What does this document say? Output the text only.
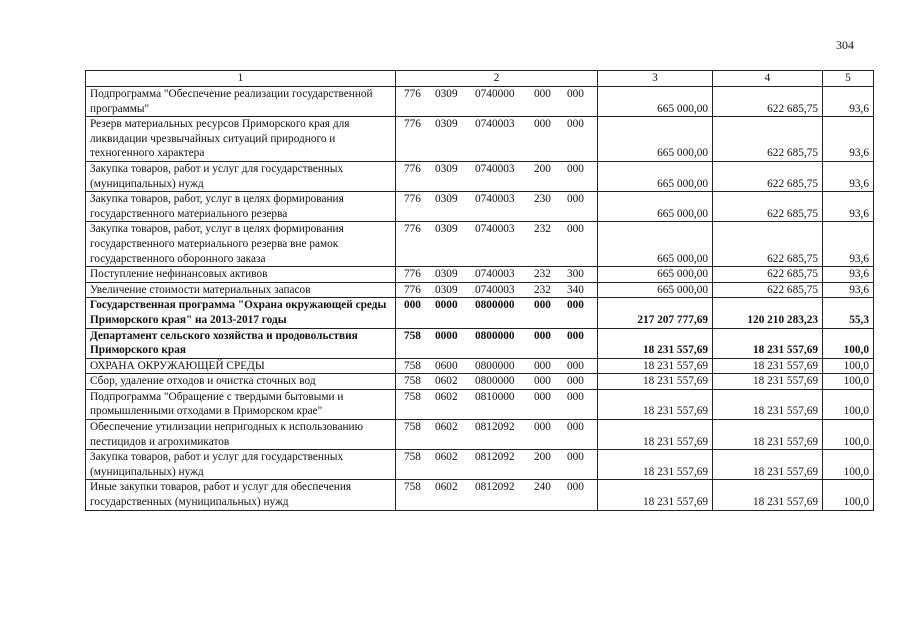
304
1	2	3	4	5
Подпрограмма "Обеспечение реализации государственной программы"	776 0309 0740000 000 000	665 000,00	622 685,75	93,6
Резерв материальных ресурсов Приморского края для ликвидации чрезвычайных ситуаций природного и техногенного характера	776 0309 0740003 000 000	665 000,00	622 685,75	93,6
Закупка товаров, работ и услуг для государственных (муниципальных) нужд	776 0309 0740003 200 000	665 000,00	622 685,75	93,6
Закупка товаров, работ, услуг в целях формирования государственного материального резерва	776 0309 0740003 230 000	665 000,00	622 685,75	93,6
Закупка товаров, работ, услуг в целях формирования государственного материального резерва вне рамок государственного оборонного заказа	776 0309 0740003 232 000	665 000,00	622 685,75	93,6
Поступление нефинансовых активов	776 0309 0740003 232 300	665 000,00	622 685,75	93,6
Увеличение стоимости материальных запасов	776 0309 0740003 232 340	665 000,00	622 685,75	93,6
Государственная программа "Охрана окружающей среды Приморского края" на 2013-2017 годы	000 0000 0800000 000 000	217 207 777,69	120 210 283,23	55,3
Департамент сельского хозяйства и продовольствия Приморского края	758 0000 0800000 000 000	18 231 557,69	18 231 557,69	100,0
ОХРАНА ОКРУЖАЮЩЕЙ СРЕДЫ	758 0600 0800000 000 000	18 231 557,69	18 231 557,69	100,0
Сбор, удаление отходов и очистка сточных вод	758 0602 0800000 000 000	18 231 557,69	18 231 557,69	100,0
Подпрограмма "Обращение с твердыми бытовыми и промышленными отходами в Приморском крае"	758 0602 0810000 000 000	18 231 557,69	18 231 557,69	100,0
Обеспечение утилизации непригодных к использованию пестицидов и агрохимикатов	758 0602 0812092 000 000	18 231 557,69	18 231 557,69	100,0
Закупка товаров, работ и услуг для государственных (муниципальных) нужд	758 0602 0812092 200 000	18 231 557,69	18 231 557,69	100,0
Иные закупки товаров, работ и услуг для обеспечения государственных (муниципальных) нужд	758 0602 0812092 240 000	18 231 557,69	18 231 557,69	100,0
